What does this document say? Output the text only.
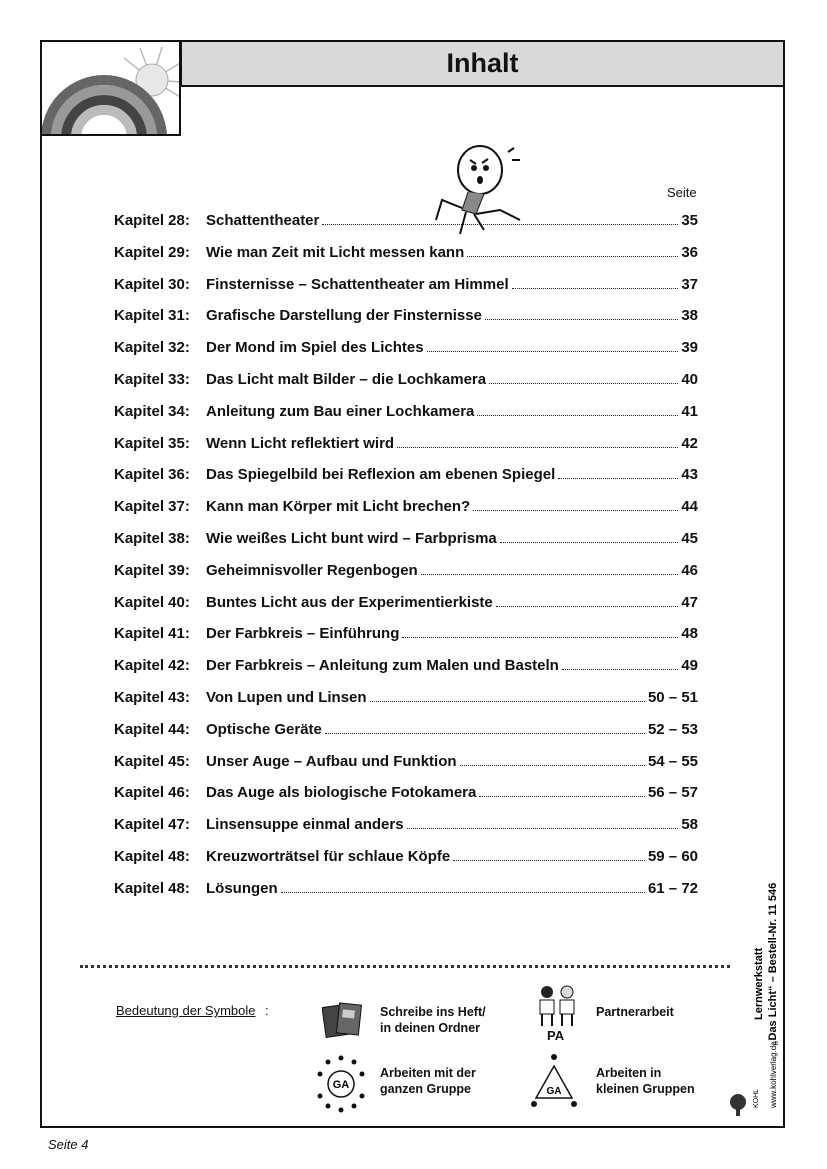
Inhalt
Seite
Kapitel 28:	Schattentheater	35
Kapitel 29:	Wie man Zeit mit Licht messen kann	36
Kapitel 30:	Finsternisse – Schattentheater am Himmel	37
Kapitel 31:	Grafische Darstellung der Finsternisse	38
Kapitel 32:	Der Mond im Spiel des Lichtes	39
Kapitel 33:	Das Licht malt Bilder – die Lochkamera	40
Kapitel 34:	Anleitung zum Bau einer Lochkamera	41
Kapitel 35:	Wenn Licht reflektiert wird	42
Kapitel 36:	Das Spiegelbild bei Reflexion am ebenen Spiegel	43
Kapitel 37:	Kann man Körper mit Licht brechen?	44
Kapitel 38:	Wie weißes Licht bunt wird – Farbprisma	45
Kapitel 39:	Geheimnisvoller Regenbogen	46
Kapitel 40:	Buntes Licht aus der Experimentierkiste	47
Kapitel 41:	Der Farbkreis – Einführung	48
Kapitel 42:	Der Farbkreis – Anleitung zum Malen und Basteln	49
Kapitel 43:	Von Lupen und Linsen	50 – 51
Kapitel 44:	Optische Geräte	52 – 53
Kapitel 45:	Unser Auge – Aufbau und Funktion	54 – 55
Kapitel 46:	Das Auge als biologische Fotokamera	56 – 57
Kapitel 47:	Linsensuppe einmal anders	58
Kapitel 48:	Kreuzworträtsel für schlaue Köpfe	59 – 60
Kapitel 48:	Lösungen	61 – 72
Bedeutung der Symbole :	Schreibe ins Heft/
in deinen Ordner	PA
Partnerarbeit
GA
Arbeiten mit der
ganzen Gruppe	GA
Arbeiten in
kleinen Gruppen
Lernwerkstatt „Das Licht“ – Bestell-Nr. 11 546
KOHL www.kohlverlag.de
Seite 4
